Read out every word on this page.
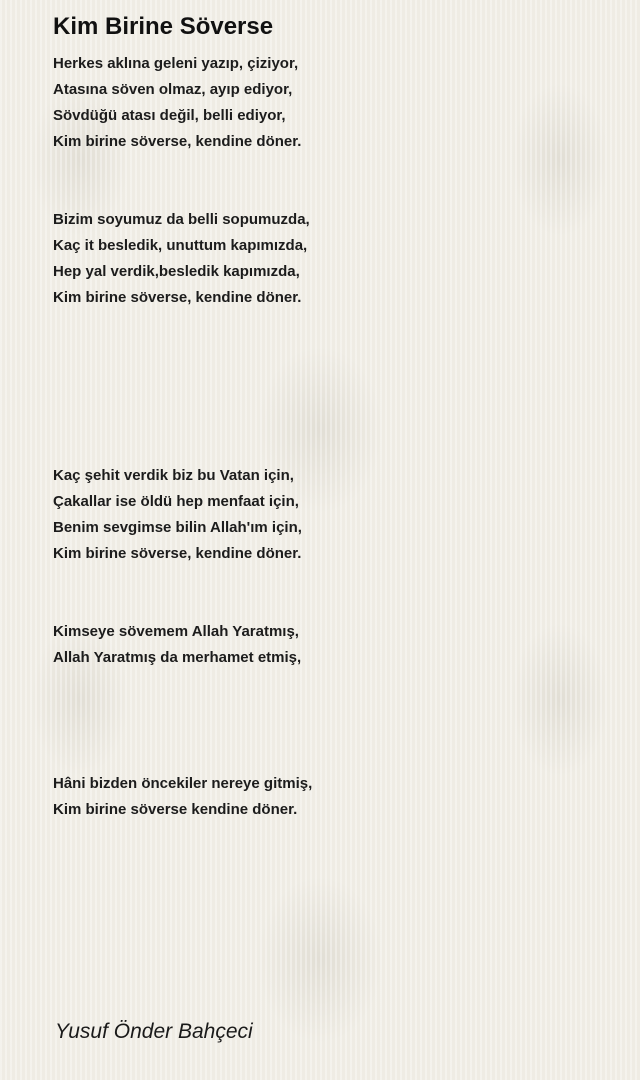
Kim Birine Söverse
Herkes aklına geleni yazıp, çiziyor,
Atasına söven olmaz, ayıp ediyor,
Sövdüğü atası değil, belli ediyor,
Kim birine söverse, kendine döner.
Bizim soyumuz da belli sopumuzda,
Kaç it besledik, unuttum kapımızda,
Hep yal verdik,besledik kapımızda,
Kim birine söverse, kendine döner.
Kaç şehit verdik biz bu Vatan için,
Çakallar ise öldü hep menfaat için,
Benim sevgimse bilin Allah'ım için,
Kim birine söverse, kendine döner.
Kimseye sövemem Allah Yaratmış,
Allah Yaratmış da merhamet etmiş,
Hâni bizden öncekiler nereye gitmiş,
Kim birine söverse kendine döner.
Yusuf Önder Bahçeci
